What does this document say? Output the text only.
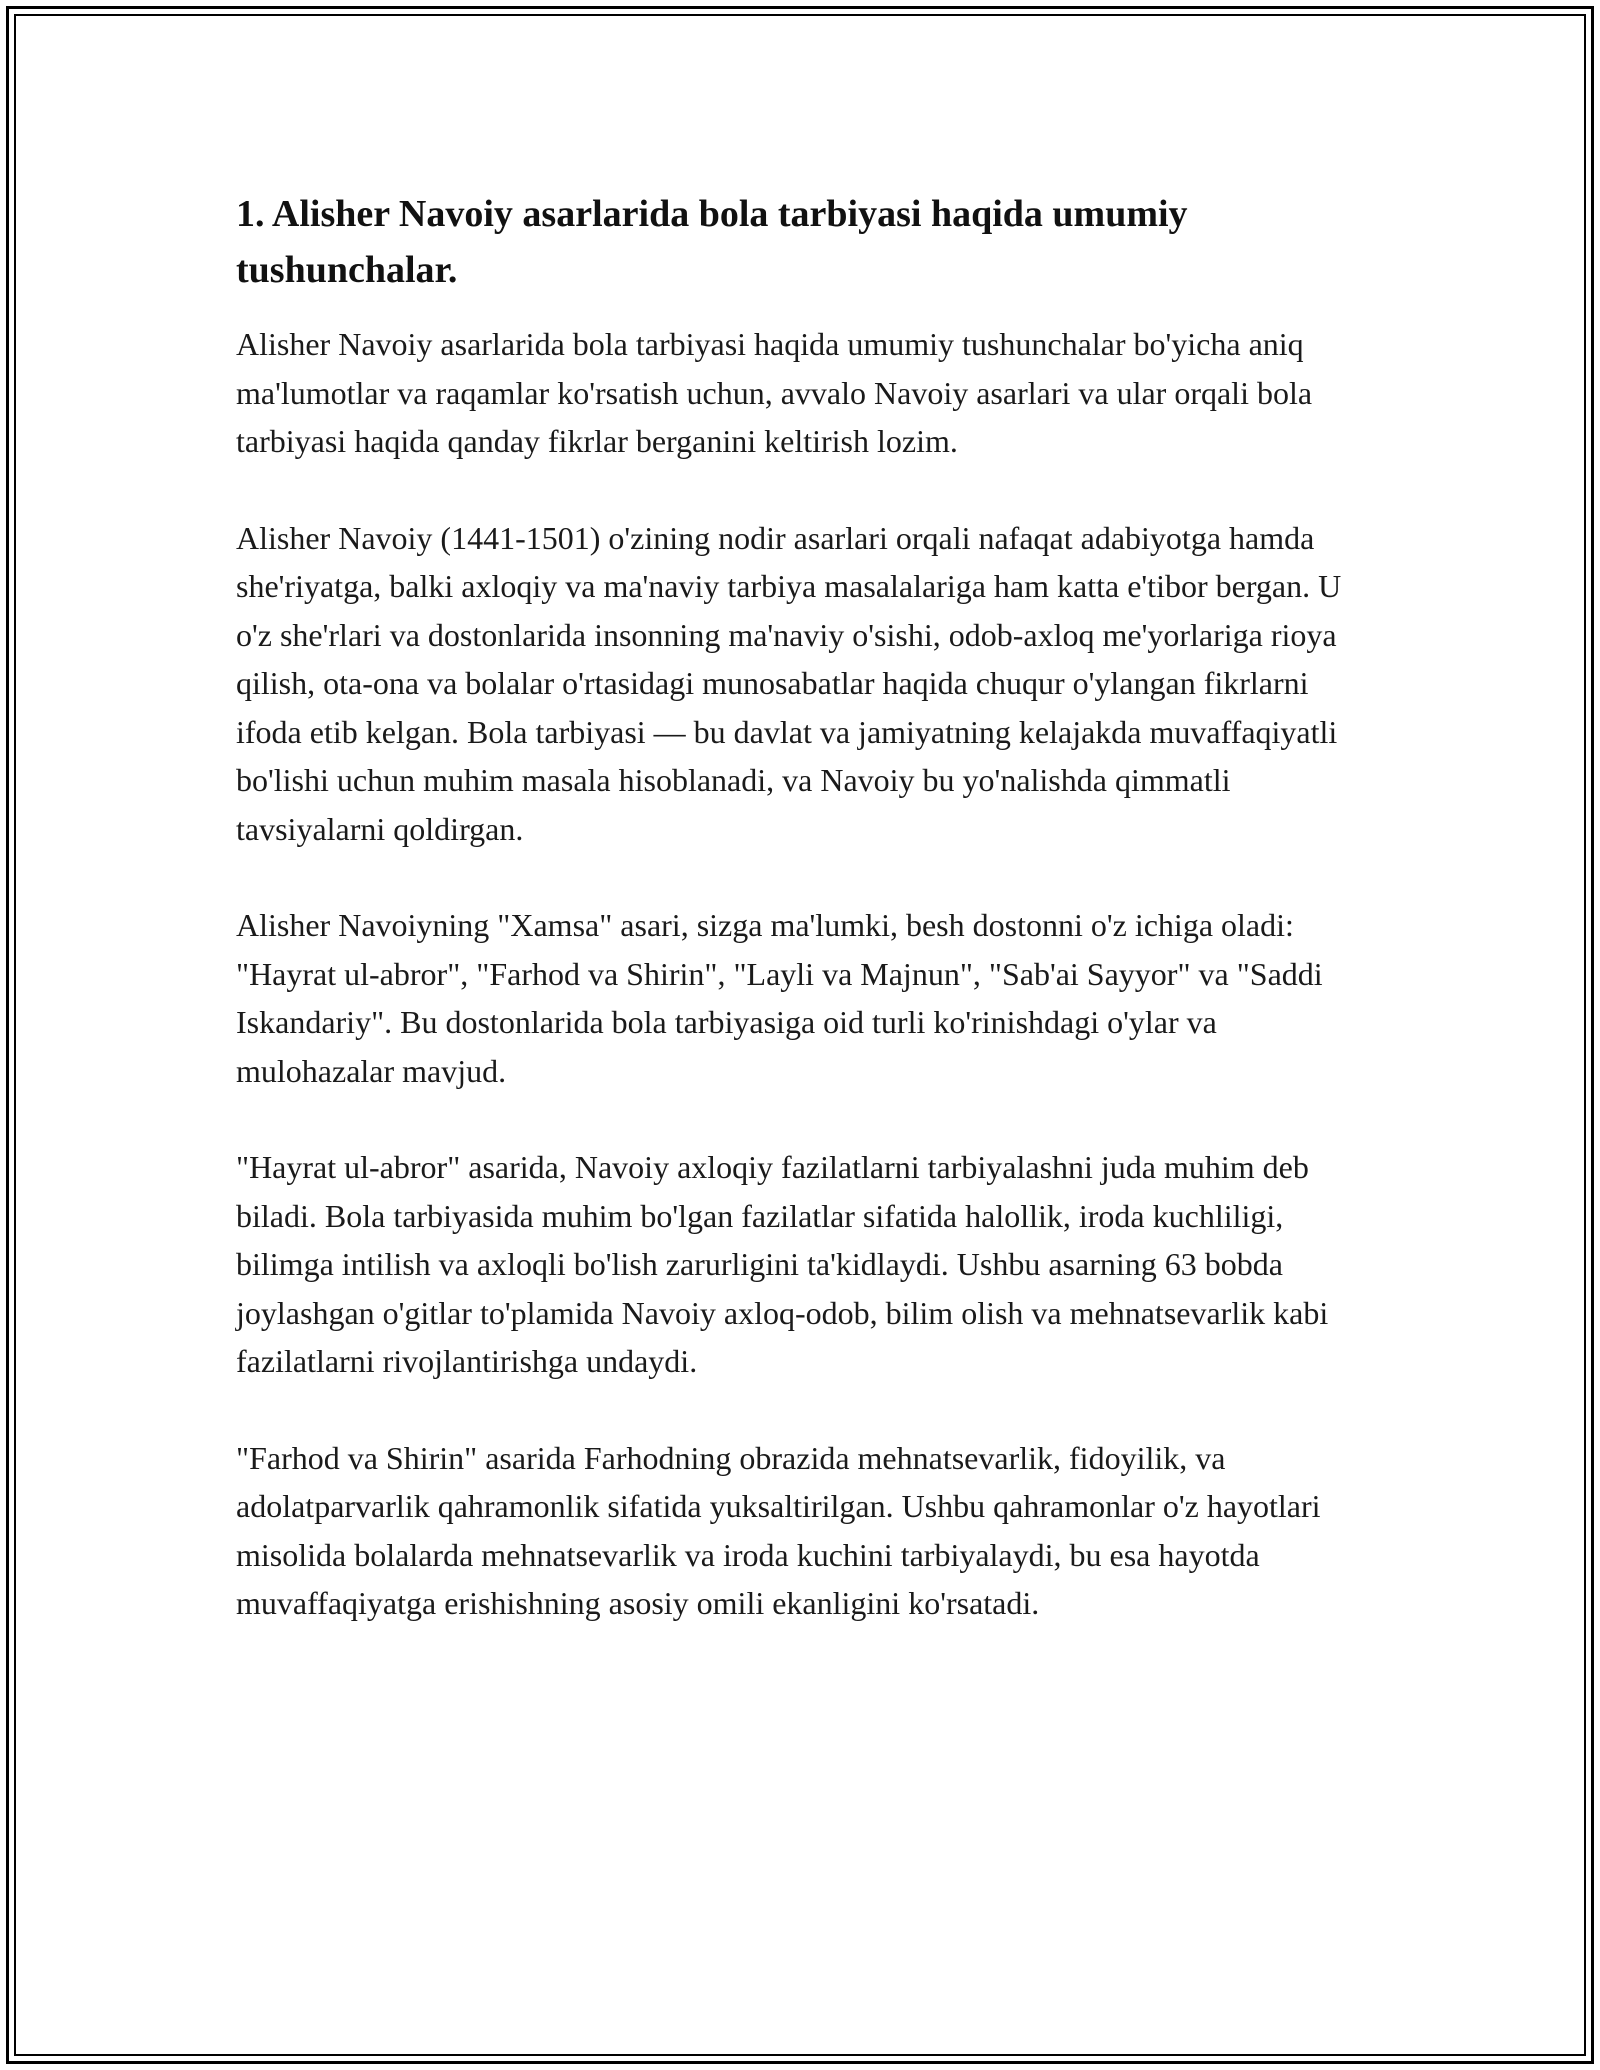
1. Alisher Navoiy asarlarida bola tarbiyasi haqida umumiy tushunchalar.

Alisher Navoiy asarlarida bola tarbiyasi haqida umumiy tushunchalar bo'yicha aniq ma'lumotlar va raqamlar ko'rsatish uchun, avvalo Navoiy asarlari va ular orqali bola tarbiyasi haqida qanday fikrlar berganini keltirish lozim.

Alisher Navoiy (1441-1501) o'zining nodir asarlari orqali nafaqat adabiyotga hamda she'riyatga, balki axloqiy va ma'naviy tarbiya masalalariga ham katta e'tibor bergan. U o'z she'rlari va dostonlarida insonning ma'naviy o'sishi, odob-axloq me'yorlariga rioya qilish, ota-ona va bolalar o'rtasidagi munosabatlar haqida chuqur o'ylangan fikrlarni ifoda etib kelgan. Bola tarbiyasi — bu davlat va jamiyatning kelajakda muvaffaqiyatli bo'lishi uchun muhim masala hisoblanadi, va Navoiy bu yo'nalishda qimmatli tavsiyalarni qoldirgan.

Alisher Navoiyning "Xamsa" asari, sizga ma'lumki, besh dostonni o'z ichiga oladi: "Hayrat ul-abror", "Farhod va Shirin", "Layli va Majnun", "Sab'ai Sayyor" va "Saddi Iskandariy". Bu dostonlarida bola tarbiyasiga oid turli ko'rinishdagi o'ylar va mulohazalar mavjud.

"Hayrat ul-abror" asarida, Navoiy axloqiy fazilatlarni tarbiyalashni juda muhim deb biladi. Bola tarbiyasida muhim bo'lgan fazilatlar sifatida halollik, iroda kuchliligi, bilimga intilish va axloqli bo'lish zarurligini ta'kidlaydi. Ushbu asarning 63 bobda joylashgan o'gitlar to'plamida Navoiy axloq-odob, bilim olish va mehnatsevarlik kabi fazilatlarni rivojlantirishga undaydi.

"Farhod va Shirin" asarida Farhodning obrazida mehnatsevarlik, fidoyilik, va adolatparvarlik qahramonlik sifatida yuksaltirilgan. Ushbu qahramonlar o'z hayotlari misolida bolalarda mehnatsevarlik va iroda kuchini tarbiyalaydi, bu esa hayotda muvaffaqiyatga erishishning asosiy omili ekanligini ko'rsatadi.
